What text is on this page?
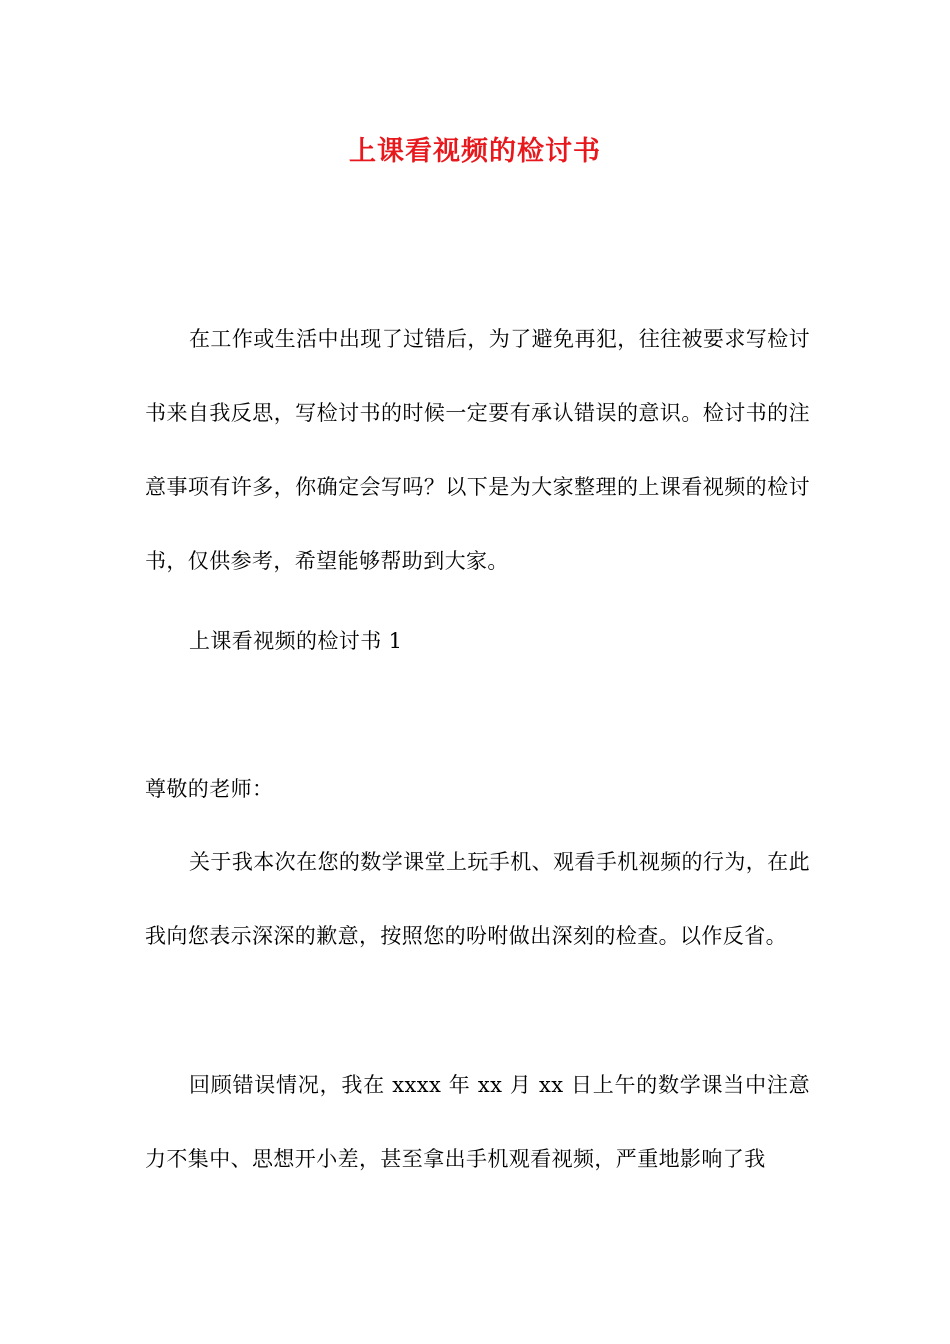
上课看视频的检讨书
在工作或生活中出现了过错后，为了避免再犯，往往被要求写检讨书来自我反思，写检讨书的时候一定要有承认错误的意识。检讨书的注意事项有许多，你确定会写吗？以下是为大家整理的上课看视频的检讨书，仅供参考，希望能够帮助到大家。
上课看视频的检讨书 1
尊敬的老师：
关于我本次在您的数学课堂上玩手机、观看手机视频的行为，在此我向您表示深深的歉意，按照您的吩咐做出深刻的检查。以作反省。
回顾错误情况，我在 xxxx 年 xx 月 xx 日上午的数学课当中注意力不集中、思想开小差，甚至拿出手机观看视频，严重地影响了我
